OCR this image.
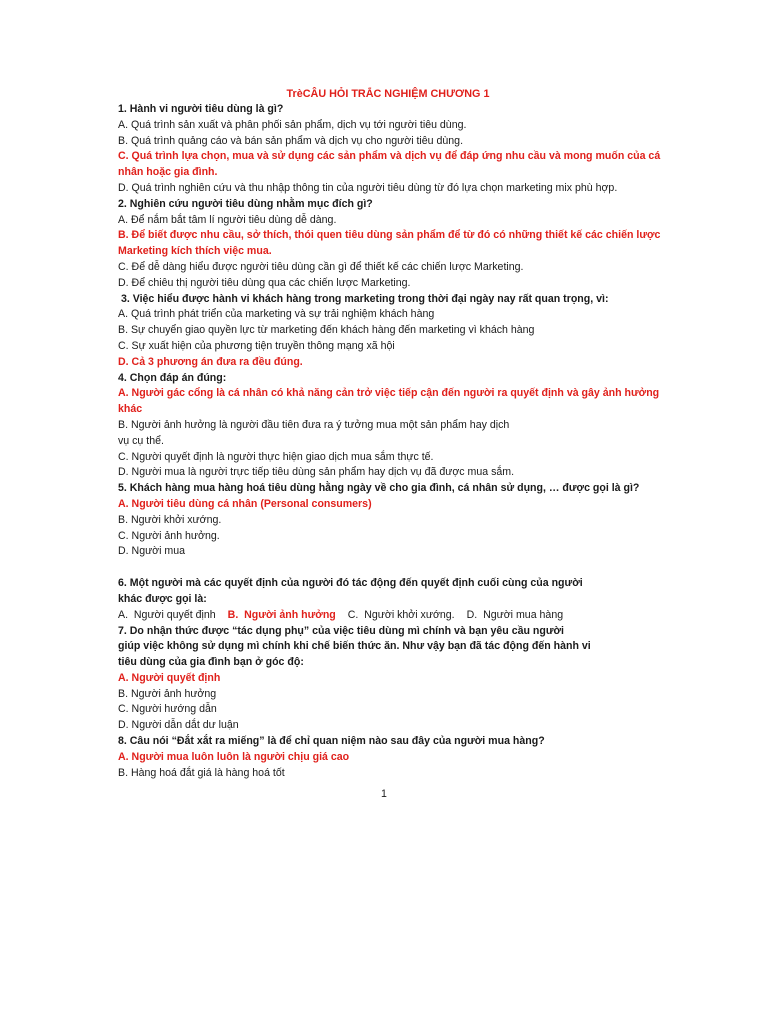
TrèCÂU HỎI TRẮC NGHIỆM CHƯƠNG 1
1. Hành vi người tiêu dùng là gì?
A. Quá trình sản xuất và phân phối sản phẩm, dịch vụ tới người tiêu dùng.
B. Quá trình quảng cáo và bán sản phẩm và dịch vụ cho người tiêu dùng.
C. Quá trình lựa chọn, mua và sử dụng các sản phẩm và dịch vụ để đáp ứng nhu cầu và mong muốn của cá
nhân hoặc gia đình.
D. Quá trình nghiên cứu và thu nhập thông tin của người tiêu dùng từ đó lựa chọn marketing mix phù hợp.
2. Nghiên cứu người tiêu dùng nhằm mục đích gì?
A. Để nắm bắt tâm lí người tiêu dùng dễ dàng.
B. Để biết được nhu cầu, sở thích, thói quen tiêu dùng sản phẩm để từ đó có những thiết kế các chiến lược
Marketing kích thích việc mua.
C. Để dễ dàng hiểu được người tiêu dùng cần gì để thiết kế các chiến lược Marketing.
D. Để chiêu thị người tiêu dùng qua các chiến lược Marketing.
3. Việc hiểu được hành vi khách hàng trong marketing trong thời đại ngày nay rất quan trọng, vì:
A. Quá trình phát triển của marketing và sự trải nghiệm khách hàng
B. Sự chuyển giao quyền lực từ marketing đến khách hàng đến marketing vì khách hàng
C. Sự xuất hiện của phương tiện truyền thông mạng xã hội
D. Cả 3 phương án đưa ra đều đúng.
4. Chọn đáp án đúng:
A. Người gác cổng là cá nhân có khả năng cản trở việc tiếp cận đến người ra quyết định và gây ảnh hưởng
khác
B. Người ảnh hưởng là người đầu tiên đưa ra ý tưởng mua một sản phẩm hay dịch
vụ cụ thể.
C. Người quyết định là người thực hiện giao dịch mua sắm thực tế.
D. Người mua là người trực tiếp tiêu dùng sản phẩm hay dịch vụ đã được mua sắm.
5. Khách hàng mua hàng hoá tiêu dùng hằng ngày về cho gia đình, cá nhân sử dụng, … được gọi là gì?
A. Người tiêu dùng cá nhân (Personal consumers)
B. Người khởi xướng.
C. Người ảnh hưởng.
D. Người mua
6. Một người mà các quyết định của người đó tác động đến quyết định cuối cùng của người
khác được gọi là:
A.  Người quyết định B.  Người ảnh hưởng C.  Người khởi xướng. D.  Người mua hàng
7. Do nhận thức được “tác dụng phụ” của việc tiêu dùng mì chính và bạn yêu cầu người
giúp việc không sử dụng mì chính khi chế biến thức ăn. Như vậy bạn đã tác động đến hành vi
tiêu dùng của gia đình bạn ở góc độ:
A. Người quyết định
B. Người ảnh hưởng
C. Người hướng dẫn
D. Người dẫn dắt dư luận
8. Câu nói “Đắt xắt ra miếng” là để chỉ quan niệm nào sau đây của người mua hàng?
A. Người mua luôn luôn là người chịu giá cao
B. Hàng hoá đắt giá là hàng hoá tốt
1
